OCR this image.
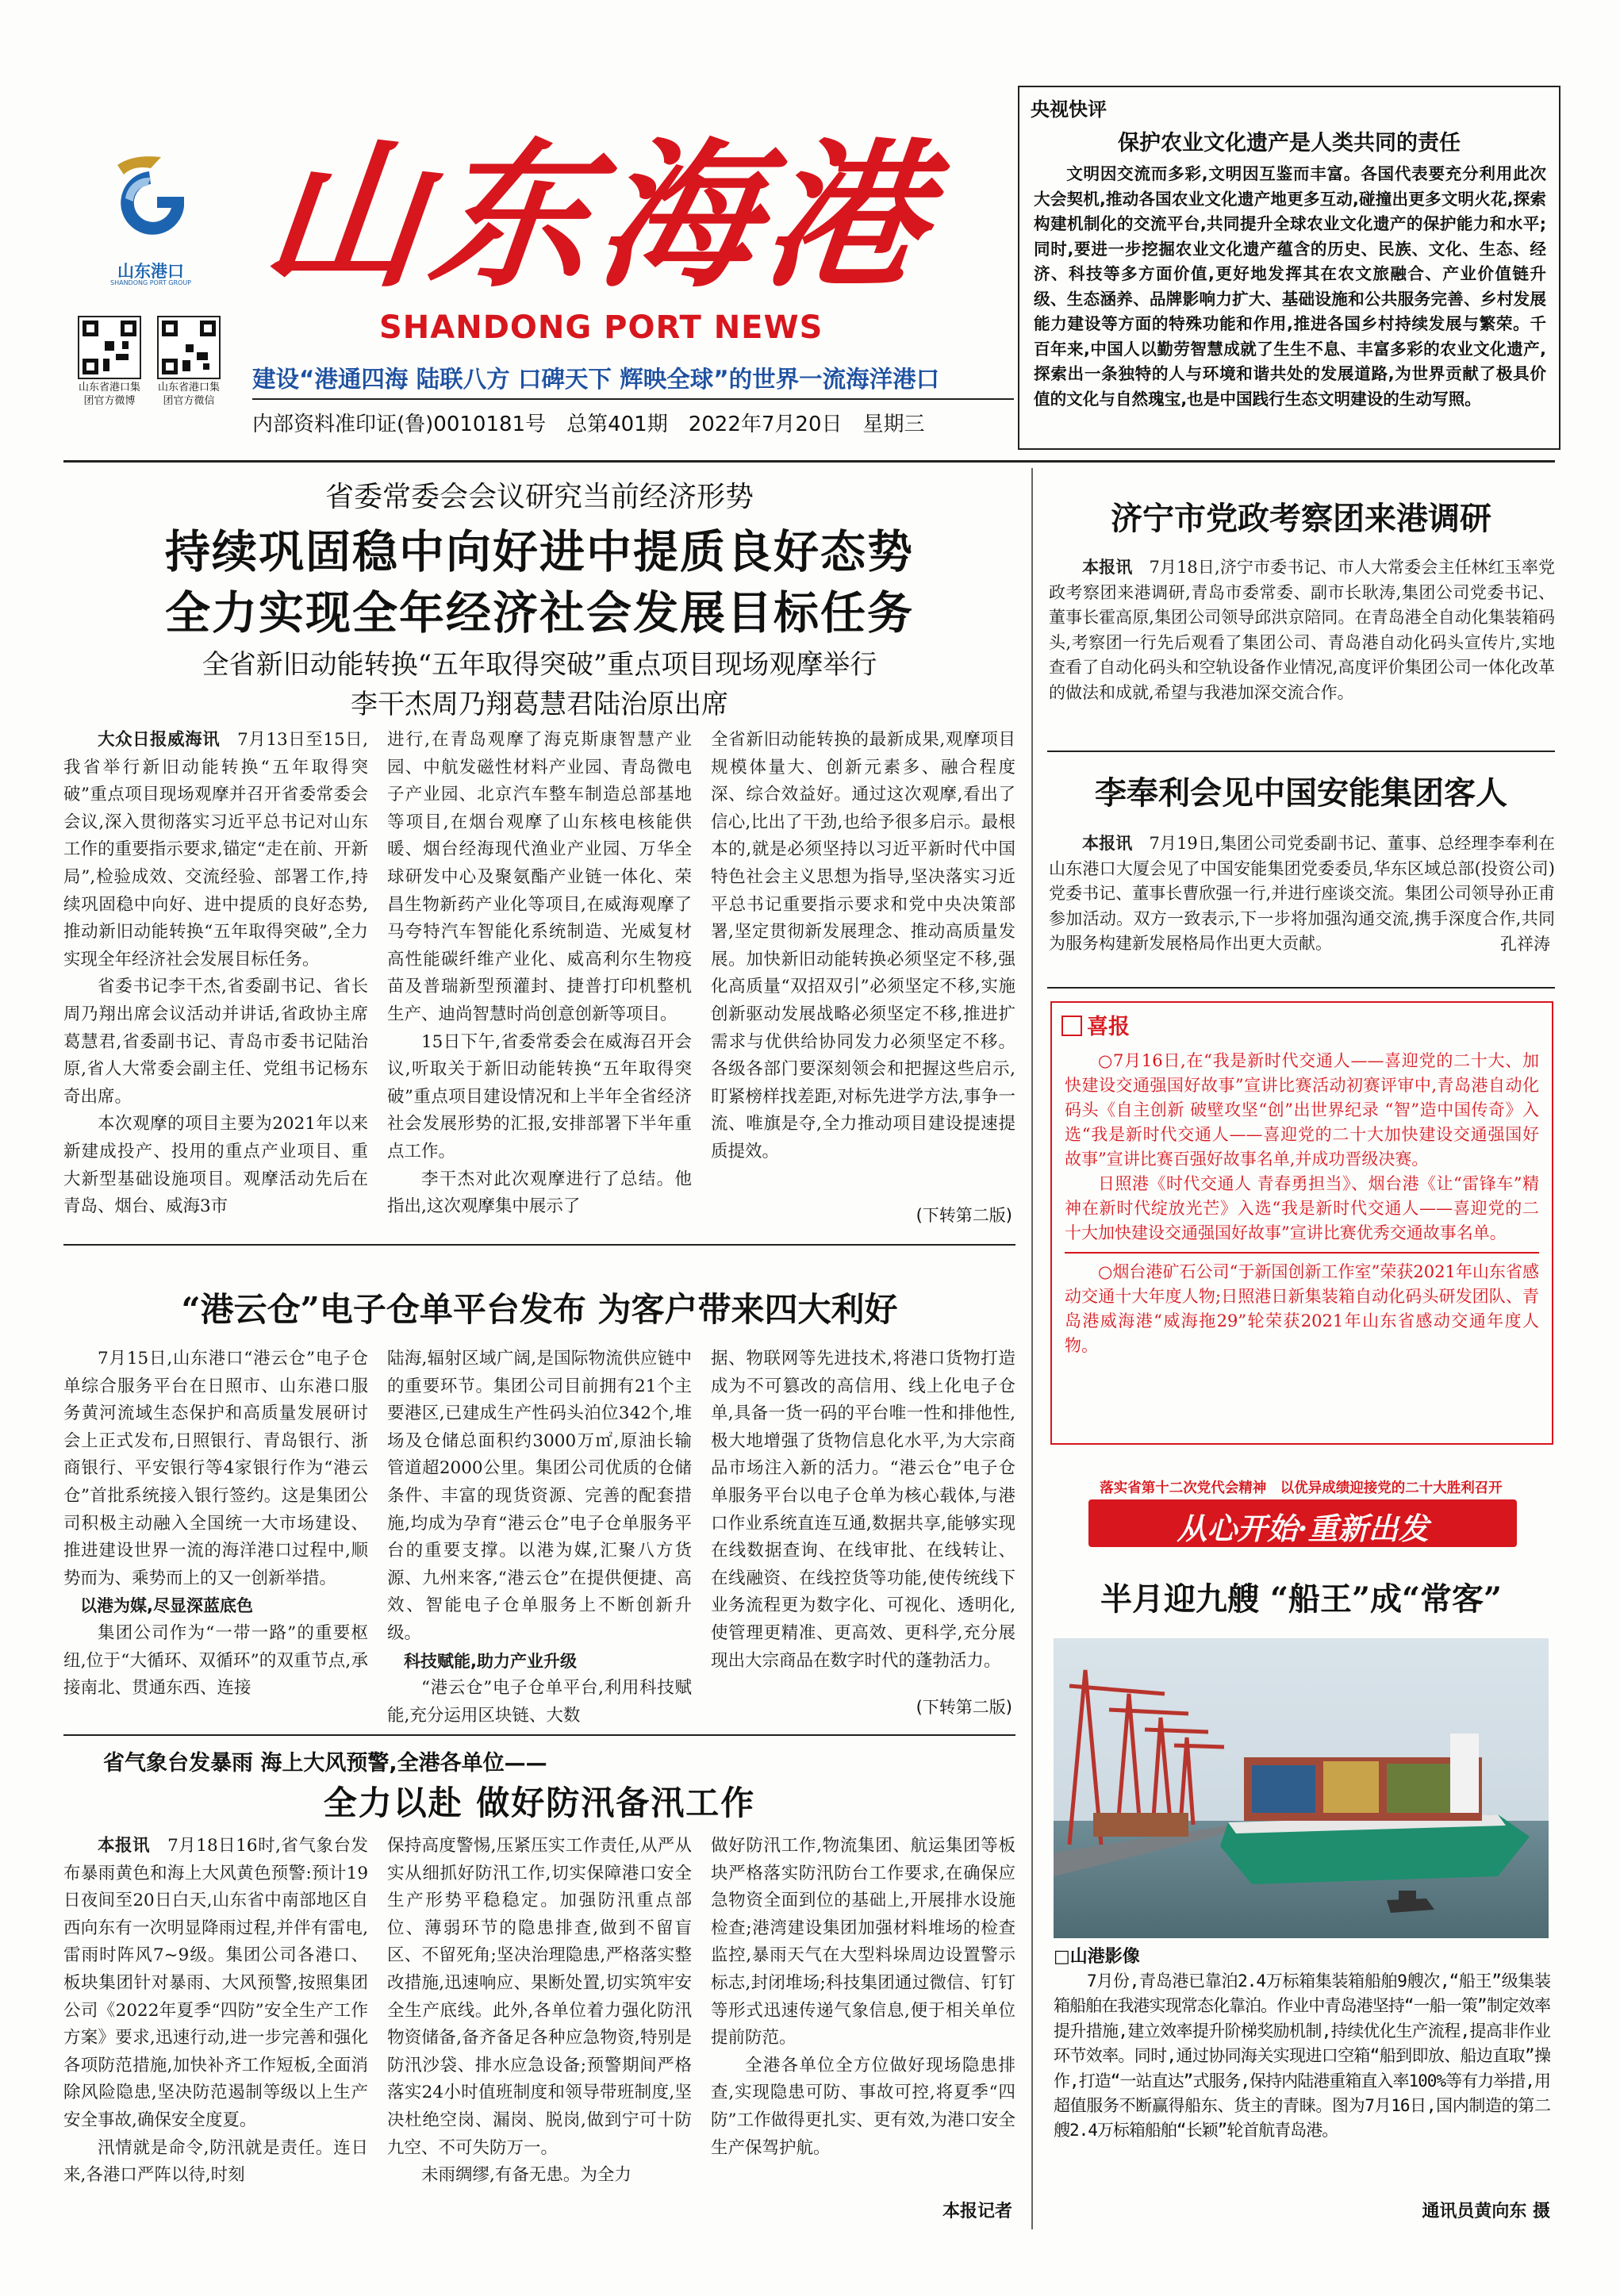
山东港口
SHANDONG PORT GROUP
山东省港口集团官方微博
山东省港口集团官方微信
山东海港
SHANDONG PORT NEWS
建设“港通四海 陆联八方 口碑天下 辉映全球”的世界一流海洋港口
内部资料准印证(鲁)0010181号　总第401期　2022年7月20日　星期三
央视快评
保护农业文化遗产是人类共同的责任
文明因交流而多彩,文明因互鉴而丰富。各国代表要充分利用此次大会契机,推动各国农业文化遗产地更多互动,碰撞出更多文明火花,探索构建机制化的交流平台,共同提升全球农业文化遗产的保护能力和水平;同时,要进一步挖掘农业文化遗产蕴含的历史、民族、文化、生态、经济、科技等多方面价值,更好地发挥其在农文旅融合、产业价值链升级、生态涵养、品牌影响力扩大、基础设施和公共服务完善、乡村发展能力建设等方面的特殊功能和作用,推进各国乡村持续发展与繁荣。千百年来,中国人以勤劳智慧成就了生生不息、丰富多彩的农业文化遗产,探索出一条独特的人与环境和谐共处的发展道路,为世界贡献了极具价值的文化与自然瑰宝,也是中国践行生态文明建设的生动写照。
省委常委会会议研究当前经济形势
持续巩固稳中向好进中提质良好态势
全力实现全年经济社会发展目标任务
全省新旧动能转换“五年取得突破”重点项目现场观摩举行
李干杰周乃翔葛慧君陆治原出席

大众日报威海讯　 7月13日至15日,我省举行新旧动能转换“五年取得突破”重点项目现场观摩并召开省委常委会会议,深入贯彻落实习近平总书记对山东工作的重要指示要求,锚定“走在前、开新局”,检验成效、交流经验、部署工作,持续巩固稳中向好、进中提质的良好态势,推动新旧动能转换“五年取得突破”,全力实现全年经济社会发展目标任务。

省委书记李干杰,省委副书记、省长周乃翔出席会议活动并讲话,省政协主席葛慧君,省委副书记、青岛市委书记陆治原,省人大常委会副主任、党组书记杨东奇出席。

本次观摩的项目主要为2021年以来新建成投产、投用的重点产业项目、重大新型基础设施项目。观摩活动先后在青岛、烟台、威海3市

进行,在青岛观摩了海克斯康智慧产业园、中航发磁性材料产业园、青岛微电子产业园、北京汽车整车制造总部基地等项目,在烟台观摩了山东核电核能供暖、烟台经海现代渔业产业园、万华全球研发中心及聚氨酯产业链一体化、荣昌生物新药产业化等项目,在威海观摩了马夸特汽车智能化系统制造、光威复材高性能碳纤维产业化、威高利尔生物疫苗及普瑞新型预灌封、捷普打印机整机生产、迪尚智慧时尚创意创新等项目。

15日下午,省委常委会在威海召开会议,听取关于新旧动能转换“五年取得突破”重点项目建设情况和上半年全省经济社会发展形势的汇报,安排部署下半年重点工作。

李干杰对此次观摩进行了总结。他指出,这次观摩集中展示了

全省新旧动能转换的最新成果,观摩项目规模体量大、创新元素多、融合程度深、综合效益好。通过这次观摩,看出了信心,比出了干劲,也给予很多启示。最根本的,就是必须坚持以习近平新时代中国特色社会主义思想为指导,坚决落实习近平总书记重要指示要求和党中央决策部署,坚定贯彻新发展理念、推动高质量发展。加快新旧动能转换必须坚定不移,强化高质量“双招双引”必须坚定不移,实施创新驱动发展战略必须坚定不移,推进扩需求与优供给协同发力必须坚定不移。各级各部门要深刻领会和把握这些启示,盯紧榜样找差距,对标先进学方法,事争一流、唯旗是夺,全力推动项目建设提速提质提效。

(下转第二版)
济宁市党政考察团来港调研

本报讯　 7月18日,济宁市委书记、市人大常委会主任林红玉率党政考察团来港调研,青岛市委常委、副市长耿涛,集团公司党委书记、董事长霍高原,集团公司领导邱洪京陪同。在青岛港全自动化集装箱码头,考察团一行先后观看了集团公司、青岛港自动化码头宣传片,实地查看了自动化码头和空轨设备作业情况,高度评价集团公司一体化改革的做法和成就,希望与我港加深交流合作。

李奉利会见中国安能集团客人

本报讯　 7月19日,集团公司党委副书记、董事、总经理李奉利在山东港口大厦会见了中国安能集团党委委员,华东区域总部(投资公司)党委书记、董事长曹欣强一行,并进行座谈交流。集团公司领导孙正甫参加活动。双方一致表示,下一步将加强沟通交流,携手深度合作,共同为服务构建新发展格局作出更大贡献。	孔祥涛
喜报

○7月16日,在“我是新时代交通人——喜迎党的二十大、加快建设交通强国好故事”宣讲比赛活动初赛评审中,青岛港自动化码头《自主创新 破壁攻坚“创”出世界纪录 “智”造中国传奇》入选“我是新时代交通人——喜迎党的二十大加快建设交通强国好故事”宣讲比赛百强好故事名单,并成功晋级决赛。

日照港《时代交通人 青春勇担当》、烟台港《让“雷锋车”精神在新时代绽放光芒》入选“我是新时代交通人——喜迎党的二十大加快建设交通强国好故事”宣讲比赛优秀交通故事名单。

○烟台港矿石公司“于新国创新工作室”荣获2021年山东省感动交通十大年度人物;日照港日新集装箱自动化码头研发团队、青岛港威海港“威海拖29”轮荣获2021年山东省感动交通年度人物。

落实省第十二次党代会精神　以优异成绩迎接党的二十大胜利召开
从心开始·重新出发
半月迎九艘 “船王”成“常客”
□山港影像
7月份,青岛港已靠泊2.4万标箱集装箱船舶9艘次,“船王”级集装箱船舶在我港实现常态化靠泊。作业中青岛港坚持“一船一策”制定效率提升措施,建立效率提升阶梯奖励机制,持续优化生产流程,提高非作业环节效率。同时,通过协同海关实现进口空箱“船到即放、船边直取”操作,打造“一站直达”式服务,保持内陆港重箱直入率100%等有力举措,用超值服务不断赢得船东、货主的青睐。图为7月16日,国内制造的第二艘2.4万标箱船舶“长颖”轮首航青岛港。
通讯员黄向东 摄
“港云仓”电子仓单平台发布 为客户带来四大利好

7月15日,山东港口“港云仓”电子仓单综合服务平台在日照市、山东港口服务黄河流域生态保护和高质量发展研讨会上正式发布,日照银行、青岛银行、浙商银行、平安银行等4家银行作为“港云仓”首批系统接入银行签约。这是集团公司积极主动融入全国统一大市场建设、推进建设世界一流的海洋港口过程中,顺势而为、乘势而上的又一创新举措。

以港为媒,尽显深蓝底色

集团公司作为“一带一路”的重要枢纽,位于“大循环、双循环”的双重节点,承接南北、贯通东西、连接

陆海,辐射区域广阔,是国际物流供应链中的重要环节。集团公司目前拥有21个主要港区,已建成生产性码头泊位342个,堆场及仓储总面积约3000万㎡,原油长输管道超2000公里。集团公司优质的仓储条件、丰富的现货资源、完善的配套措施,均成为孕育“港云仓”电子仓单服务平台的重要支撑。以港为媒,汇聚八方货源、九州来客,“港云仓”在提供便捷、高效、智能电子仓单服务上不断创新升级。

科技赋能,助力产业升级

“港云仓”电子仓单平台,利用科技赋能,充分运用区块链、大数

据、物联网等先进技术,将港口货物打造成为不可篡改的高信用、线上化电子仓单,具备一货一码的平台唯一性和排他性,极大地增强了货物信息化水平,为大宗商品市场注入新的活力。“港云仓”电子仓单服务平台以电子仓单为核心载体,与港口作业系统直连互通,数据共享,能够实现在线数据查询、在线审批、在线转让、在线融资、在线控货等功能,使传统线下业务流程更为数字化、可视化、透明化,使管理更精准、更高效、更科学,充分展现出大宗商品在数字时代的蓬勃活力。

(下转第二版)
省气象台发暴雨 海上大风预警,全港各单位——
全力以赴 做好防汛备汛工作

本报讯　 7月18日16时,省气象台发布暴雨黄色和海上大风黄色预警:预计19日夜间至20日白天,山东省中南部地区自西向东有一次明显降雨过程,并伴有雷电,雷雨时阵风7~9级。集团公司各港口、板块集团针对暴雨、大风预警,按照集团公司《2022年夏季“四防”安全生产工作方案》要求,迅速行动,进一步完善和强化各项防范措施,加快补齐工作短板,全面消除风险隐患,坚决防范遏制等级以上生产安全事故,确保安全度夏。

汛情就是命令,防汛就是责任。连日来,各港口严阵以待,时刻

保持高度警惕,压紧压实工作责任,从严从实从细抓好防汛工作,切实保障港口安全生产形势平稳稳定。加强防汛重点部位、薄弱环节的隐患排查,做到不留盲区、不留死角;坚决治理隐患,严格落实整改措施,迅速响应、果断处置,切实筑牢安全生产底线。此外,各单位着力强化防汛物资储备,备齐备足各种应急物资,特别是防汛沙袋、排水应急设备;预警期间严格落实24小时值班制度和领导带班制度,坚决杜绝空岗、漏岗、脱岗,做到宁可十防九空、不可失防万一。

未雨绸缪,有备无患。为全力

做好防汛工作,物流集团、航运集团等板块严格落实防汛防台工作要求,在确保应急物资全面到位的基础上,开展排水设施检查;港湾建设集团加强材料堆场的检查监控,暴雨天气在大型料垛周边设置警示标志,封闭堆场;科技集团通过微信、钉钉等形式迅速传递气象信息,便于相关单位提前防范。

全港各单位全方位做好现场隐患排查,实现隐患可防、事故可控,将夏季“四防”工作做得更扎实、更有效,为港口安全生产保驾护航。

本报记者
